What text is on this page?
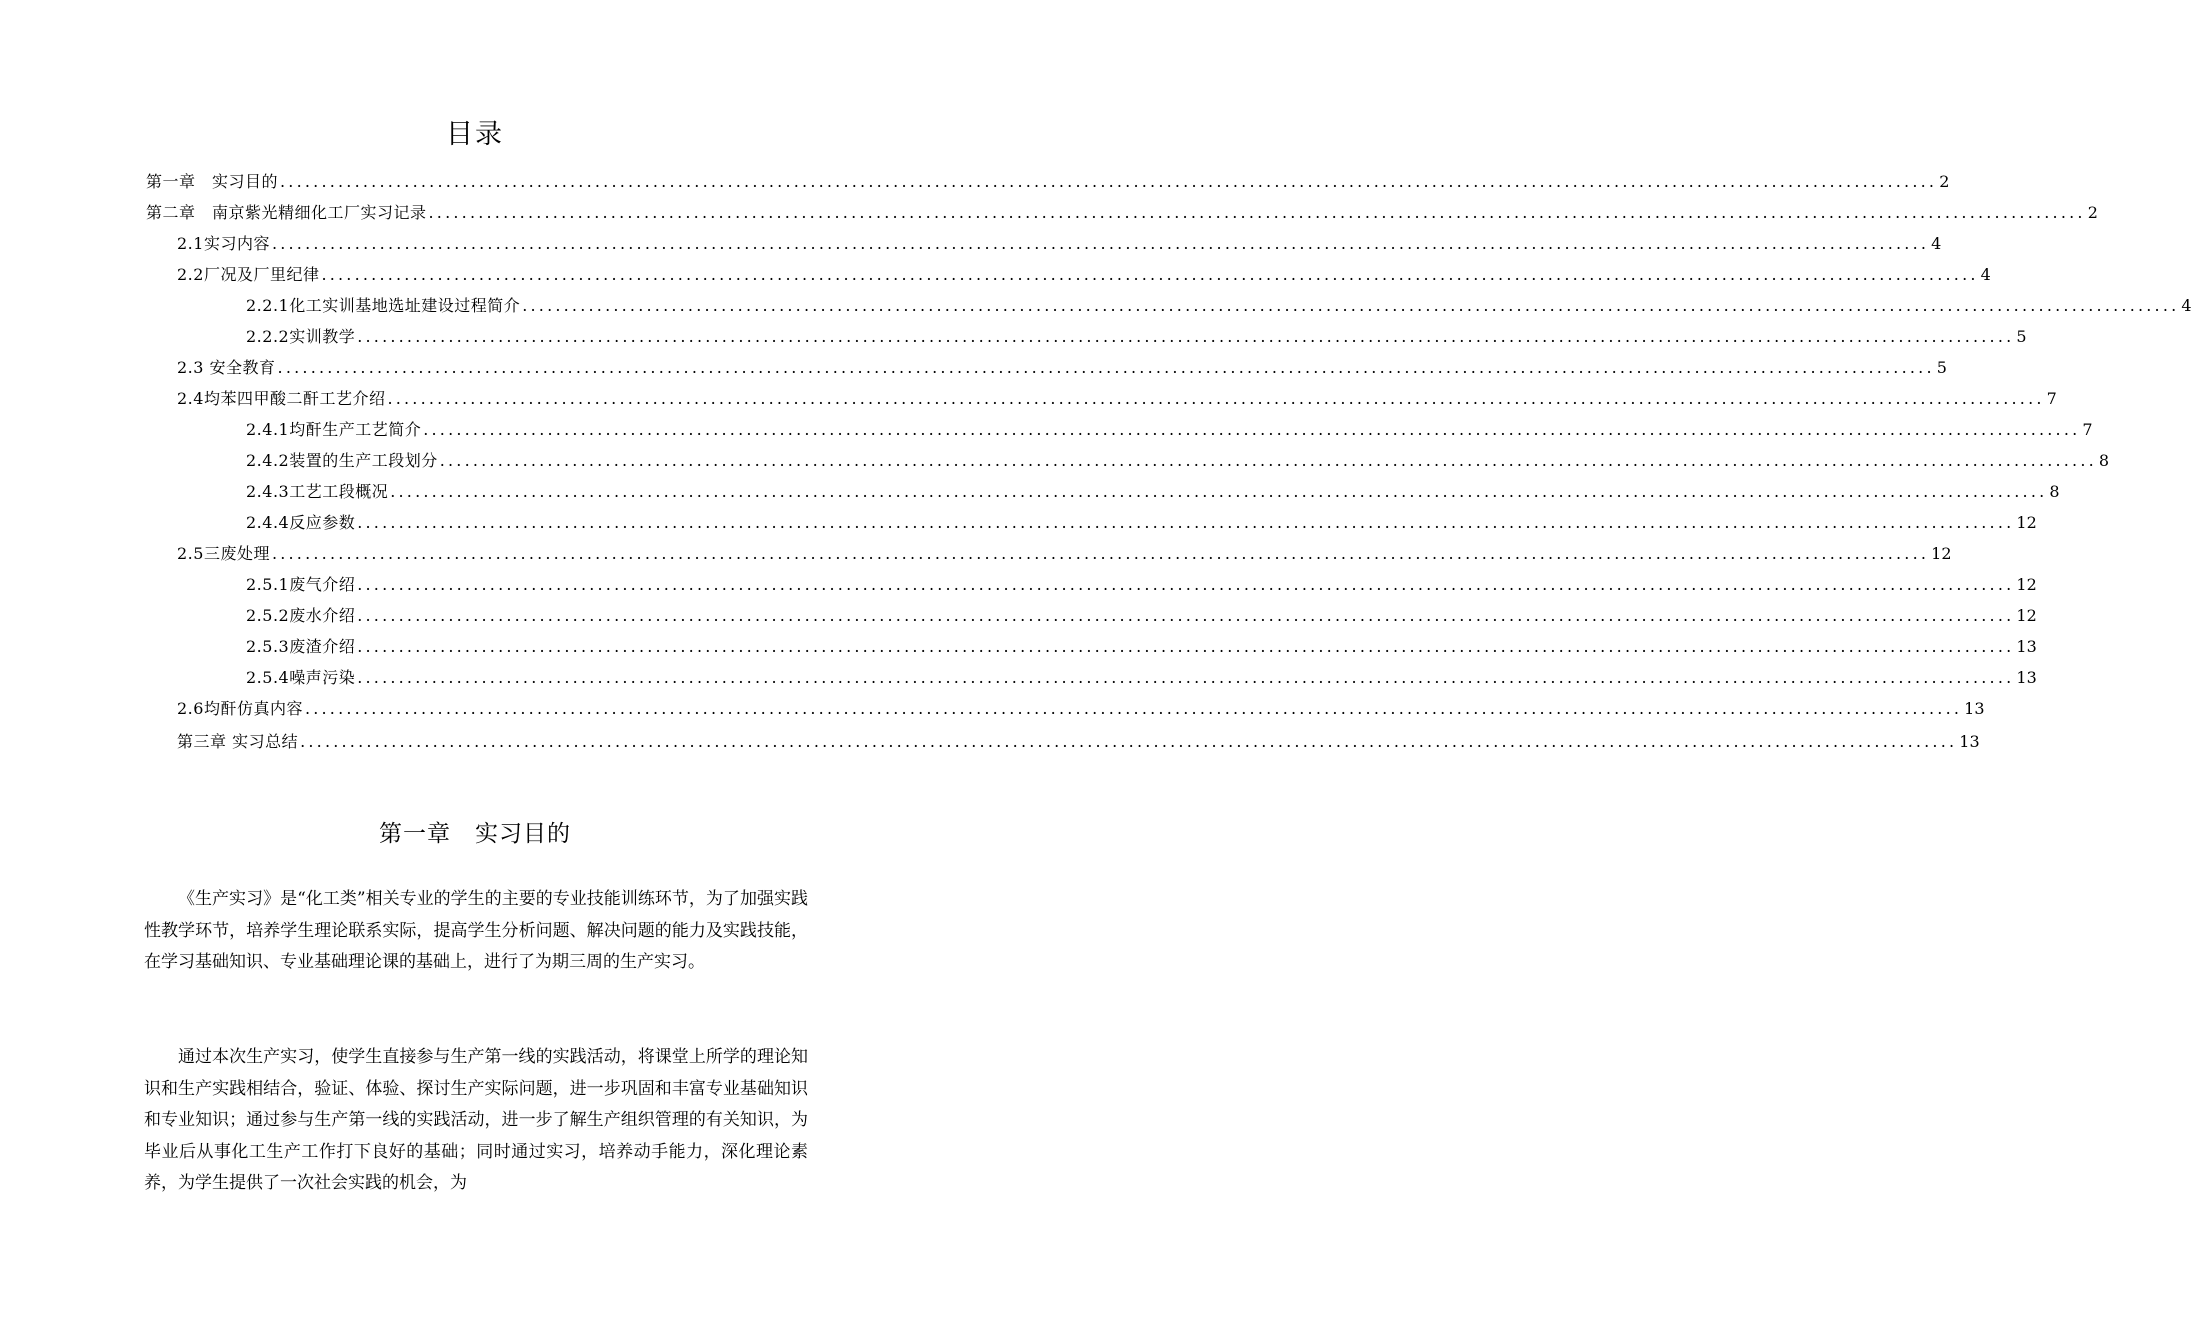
目录
第一章　实习目的 ........................................................................................................................................................................................................ 2
第二章　南京紫光精细化工厂实习记录 ........................................................................................................................................................................................................ 2
2.1实习内容 ........................................................................................................................................................................................................ 4
2.2厂况及厂里纪律 ........................................................................................................................................................................................................ 4
2.2.1化工实训基地选址建设过程简介 ........................................................................................................................................................................................................ 4
2.2.2实训教学 ........................................................................................................................................................................................................ 5
2.3 安全教育 ........................................................................................................................................................................................................ 5
2.4均苯四甲酸二酐工艺介绍 ........................................................................................................................................................................................................ 7
2.4.1均酐生产工艺简介 ........................................................................................................................................................................................................ 7
2.4.2装置的生产工段划分 ........................................................................................................................................................................................................ 8
2.4.3工艺工段概况 ........................................................................................................................................................................................................ 8
2.4.4反应参数 ........................................................................................................................................................................................................ 12
2.5三废处理 ........................................................................................................................................................................................................ 12
2.5.1废气介绍 ........................................................................................................................................................................................................ 12
2.5.2废水介绍 ........................................................................................................................................................................................................ 12
2.5.3废渣介绍 ........................................................................................................................................................................................................ 13
2.5.4噪声污染 ........................................................................................................................................................................................................ 13
2.6均酐仿真内容 ........................................................................................................................................................................................................ 13
第三章 实习总结 ........................................................................................................................................................................................................ 13
第一章　实习目的

《生产实习》是“化工类”相关专业的学生的主要的专业技能训练环节，为了加强实践性教学环节，培养学生理论联系实际，提高学生分析问题、解决问题的能力及实践技能，在学习基础知识、专业基础理论课的基础上，进行了为期三周的生产实习。

通过本次生产实习，使学生直接参与生产第一线的实践活动，将课堂上所学的理论知识和生产实践相结合，验证、体验、探讨生产实际问题，进一步巩固和丰富专业基础知识和专业知识；通过参与生产第一线的实践活动，进一步了解生产组织管理的有关知识，为毕业后从事化工生产工作打下良好的基础；同时通过实习，培养动手能力，深化理论素养，为学生提供了一次社会实践的机会，为
